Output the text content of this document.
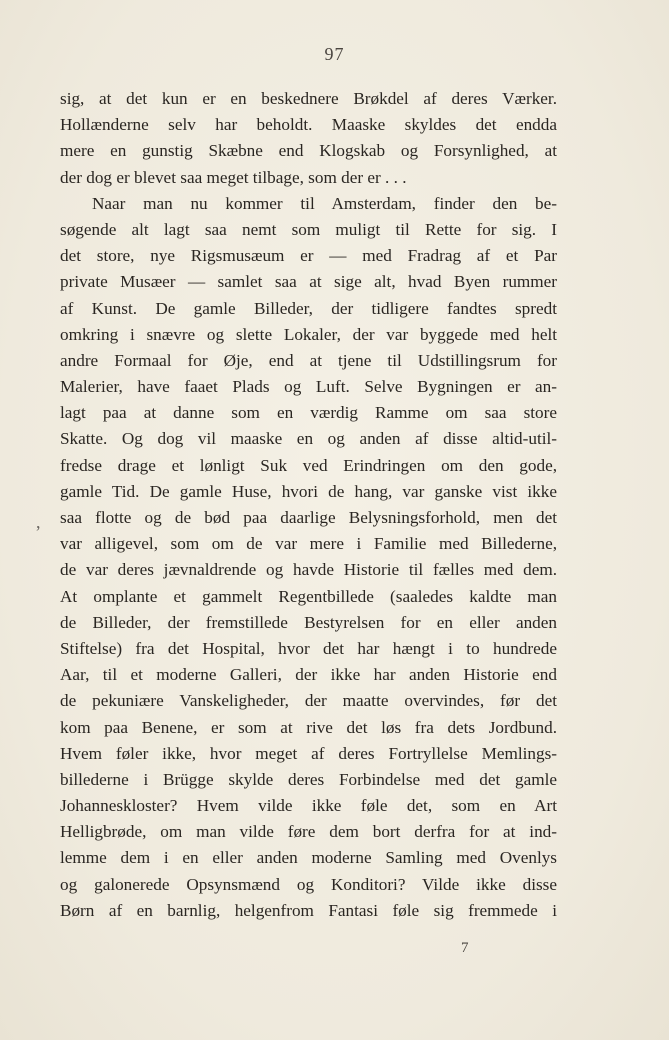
97
sig, at det kun er en beskednere Brøkdel af deres Værker.
Hollænderne selv har beholdt. Maaske skyldes det endda
mere en gunstig Skæbne end Klogskab og Forsynlighed, at
der dog er blevet saa meget tilbage, som der er . . .
Naar man nu kommer til Amsterdam, finder den be-
søgende alt lagt saa nemt som muligt til Rette for sig. I
det store, nye Rigsmusæum er — med Fradrag af et Par
private Musæer — samlet saa at sige alt, hvad Byen rummer
af Kunst. De gamle Billeder, der tidligere fandtes spredt
omkring i snævre og slette Lokaler, der var byggede med helt
andre Formaal for Øje, end at tjene til Udstillingsrum for
Malerier, have faaet Plads og Luft. Selve Bygningen er an-
lagt paa at danne som en værdig Ramme om saa store
Skatte. Og dog vil maaske en og anden af disse altid-util-
fredse drage et lønligt Suk ved Erindringen om den gode,
gamle Tid. De gamle Huse, hvori de hang, var ganske vist ikke
saa flotte og de bød paa daarlige Belysningsforhold, men det
var alligevel, som om de var mere i Familie med Billederne,
de var deres jævnaldrende og havde Historie til fælles med dem.
At omplante et gammelt Regentbillede (saaledes kaldte man
de Billeder, der fremstillede Bestyrelsen for en eller anden
Stiftelse) fra det Hospital, hvor det har hængt i to hundrede
Aar, til et moderne Galleri, der ikke har anden Historie end
de pekuniære Vanskeligheder, der maatte overvindes, før det
kom paa Benene, er som at rive det løs fra dets Jordbund.
Hvem føler ikke, hvor meget af deres Fortryllelse Memlings-
billederne i Brügge skylde deres Forbindelse med det gamle
Johanneskloster? Hvem vilde ikke føle det, som en Art
Helligbrøde, om man vilde føre dem bort derfra for at ind-
lemme dem i en eller anden moderne Samling med Ovenlys
og galonerede Opsynsmænd og Konditori? Vilde ikke disse
Børn af en barnlig, helgenfrom Fantasi føle sig fremmede i
,
7
